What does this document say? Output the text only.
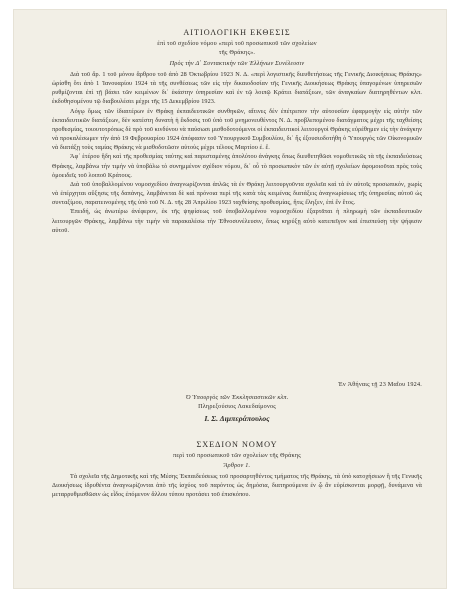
ΑΙΤΙΟΛΟΓΙΚΗ ΕΚΘΕΣΙΣ
ἐπὶ τοῦ σχεδίου νόμου «περὶ τοῦ προσωπικοῦ τῶν σχολείων
τῆς Θράκης».
Πρὸς τὴν Δ΄ Συντακτικὴν τῶν Ἑλλήνων Συνέλευσιν

Διὰ τοῦ ἄρ. 1 τοῦ μόνου ἄρθρου τοῦ ἀπὸ 28 Ὀκτωβρίου 1923 Ν. Δ. «περὶ λογιστικῆς διευθετήσεως τῆς Γενικῆς Διοικήσεως Θράκης» ὡρίσθη ὅτι ἀπὸ 1 Ἰανουαρίου 1924 τὰ τῆς συνθέσεως τῶν εἰς τὴν δικαιοδοσίαν τῆς Γενικῆς Διοικήσεως Θράκης ὑπαγομένων ὑπηρεσιῶν ρυθμίζονται ἐπὶ τῇ βάσει τῶν κειμένων δι᾽ ἑκάστην ὑπηρεσίαν καὶ ἐν τῷ λοιπῷ Κράτει διατάξεων, τῶν ἀναγκαίων διατηρηθέντων κλπ. ἐκδοθησομένου τῷ διαβουλέσει μέχρι τῆς 15 Δεκεμβρίου 1923.

Λόγῳ ὅμως τῶν ἰδιαιτέρων ἐν Θράκῃ ἐκπαιδευτικῶν συνθηκῶν, αἵτινες δὲν ἐπέτρεπον τὴν αὐτουσίαν ἐφαρμογὴν εἰς αὐτὴν τῶν ἐκπαιδευτικῶν διατάξεων, δὲν κατέστη δυνατὴ ἡ ἔκδοσις τοῦ ὑπὸ τοῦ μνημονευθέντος Ν. Δ. προβλεπομένου διατάγματος μέχρι τῆς ταχθείσης προθεσμίας, τοιουτοτρόπως δὲ πρὸ τοῦ κινδύνου νὰ παύσωσι μισθοδοτούμενοι οἱ ἐκπαιδευτικοὶ λειτουργοὶ Θράκης εὑρέθημεν εἰς τὴν ἀνάγκην νὰ προκαλέσωμεν τὴν ἀπὸ 19 Φεβρουαρίου 1924 ἀπόφασιν τοῦ Ὑπουργικοῦ Συμβουλίου, δι᾽ ἧς ἐξουσιοδοτήθη ὁ Ὑπουργὸς τῶν Οἰκονομικῶν νὰ διατάξῃ τοὺς ταμίας Θράκης νὰ μισθοδοτῶσιν αὐτοὺς μέχρι τέλους Μαρτίου ἐ. ἔ.

Ἀφ᾽ ἑτέρου ἤδη καὶ τῆς προθεσμίας ταύτης καὶ παρισταμένης ἀπολύτου ἀνάγκης ὅπως διευθετηθῶσι νομοθετικῶς τὰ τῆς ἐκπαιδεύσεως Θράκης, λαμβάνω τὴν τιμὴν νὰ ὑποβάλω τὸ συνημμένον σχέδιον νόμου, δι᾽ οὗ τὸ προσωπικὸν τῶν ἐν αὐτῇ σχολείων ἀφομοιοῦται πρὸς τοὺς ὁμοειδεῖς τοῦ λοιποῦ Κράτους.

Διὰ τοῦ ὑποβαλλομένου νομοσχεδίου ἀναγνωρίζονται ἁπλῶς τὰ ἐν Θράκῃ λειτουργοῦντα σχολεῖα καὶ τὰ ἐν αὐτοῖς προσωπικόν, χωρὶς νὰ ἐπέρχηται αὔξησις τῆς δαπάνης, λαμβάνεται δὲ καὶ πρόνοια περὶ τῆς κατὰ τὰς κειμένας διατάξεις ἀναγνωρίσεως τῆς ὑπηρεσίας αὐτοῦ ὡς συνταξίμου, παρατεινομένης τῆς ὑπὸ τοῦ Ν. Δ. τῆς 28 Ἀπριλίου 1923 ταχθείσης προθεσμίας, ἥτις ἔληξεν, ἐπὶ ἓν ἔτος.

Ἐπειδή, ὡς ἀνωτέρω ἀνέφερον, ἐκ τῆς ψηφίσεως τοῦ ὑποβαλλομένου νομοσχεδίου ἐξαρτᾶται ἡ πληρωμὴ τῶν ἐκπαιδευτικῶν λειτουργῶν Θράκης, λαμβάνω τὴν τιμὴν νὰ παρακαλέσω τὴν Ἐθνοσυνέλευσιν, ὅπως κηρύξῃ αὐτὸ κατεπεῖγον καὶ ἐπισπεύσῃ τὴν ψήφισιν αὐτοῦ.

Ἐν Ἀθήναις τῇ 23 Μαΐου 1924.
Ὁ Ὑπουργὸς τῶν Ἐκκλησιαστικῶν κλπ.
Πληρεξούσιος Λακεδαίμονος
Ι. Σ. Διμπεράπουλος
ΣΧΕΔΙΟΝ ΝΟΜΟΥ
περὶ τοῦ προσωπικοῦ τῶν σχολείων τῆς Θράκης
Ἄρθρον 1.

Τὰ σχολεῖα τῆς Δημοτικῆς καὶ τῆς Μέσης Ἐκπαιδεύσεως τοῦ προσαρτηθέντος τμήματος τῆς Θράκης, τὰ ὑπὸ κατοχήσεων ἢ τῆς Γενικῆς Διοικήσεως ἱδρυθέντα ἀναγνωρίζονται ἀπὸ τῆς ἰσχύος τοῦ παρόντος ὡς δημόσια, διατηρούμενα ἐν ᾧ ἂν εὑρίσκονται μορφῇ, δυνάμενα νὰ μεταρρυθμισθῶσιν ὡς εἶδος ἐπόμενον ἄλλου τύπου προτάσει τοῦ ἐπισκόπου.
